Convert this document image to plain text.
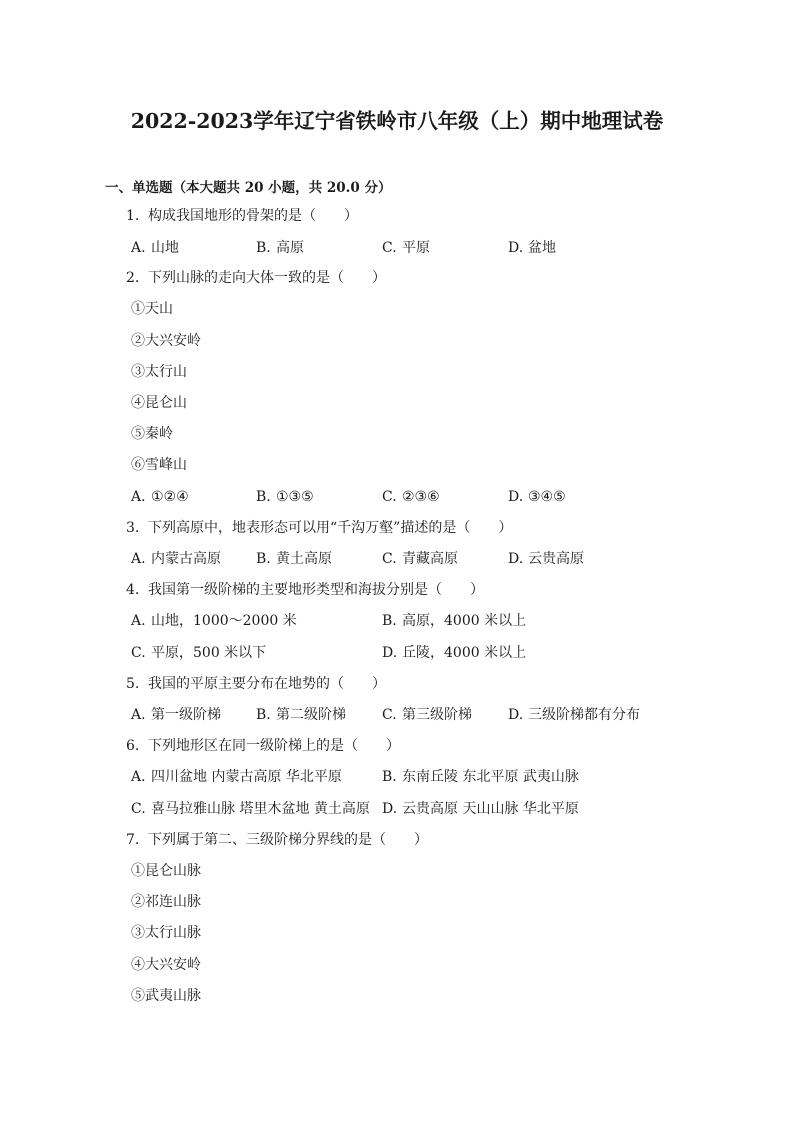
2022-2023学年辽宁省铁岭市八年级（上）期中地理试卷
一、单选题（本大题共 20 小题，共 20.0 分）
1. 构成我国地形的骨架的是（　　）
A. 山地	B. 高原	C. 平原	D. 盆地
2. 下列山脉的走向大体一致的是（　　）
①天山
②大兴安岭
③太行山
④昆仑山
⑤秦岭
⑥雪峰山
A. ①②④	B. ①③⑤	C. ②③⑥	D. ③④⑤
3. 下列高原中，地表形态可以用“千沟万壑”描述的是（　　）
A. 内蒙古高原	B. 黄土高原	C. 青藏高原	D. 云贵高原
4. 我国第一级阶梯的主要地形类型和海拔分别是（　　）
A. 山地，1000～2000 米	B. 高原，4000 米以上
C. 平原，500 米以下	D. 丘陵，4000 米以上
5. 我国的平原主要分布在地势的（　　）
A. 第一级阶梯	B. 第二级阶梯	C. 第三级阶梯	D. 三级阶梯都有分布
6. 下列地形区在同一级阶梯上的是（　　）
A. 四川盆地 内蒙古高原 华北平原	B. 东南丘陵 东北平原 武夷山脉
C. 喜马拉雅山脉 塔里木盆地 黄土高原 D. 云贵高原 天山山脉 华北平原
7. 下列属于第二、三级阶梯分界线的是（　　）
①昆仑山脉
②祁连山脉
③太行山脉
④大兴安岭
⑤武夷山脉
